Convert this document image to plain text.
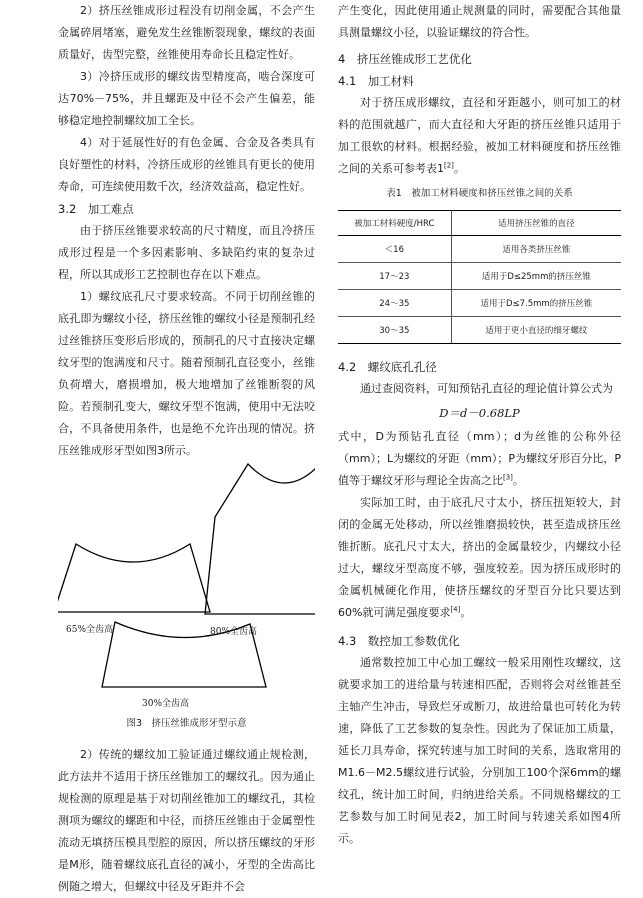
2）挤压丝锥成形过程没有切削金属，不会产生金属碎屑堵塞，避免发生丝锥断裂现象，螺纹的表面质量好，齿型完整，丝锥使用寿命长且稳定性好。

3）冷挤压成形的螺纹齿型精度高，啮合深度可达70%－75%，并且螺距及中径不会产生偏差，能够稳定地控制螺纹加工全长。

4）对于延展性好的有色金属、合金及各类具有良好塑性的材料，冷挤压成形的丝锥具有更长的使用寿命，可连续使用数千次，经济效益高，稳定性好。

3.2　加工难点

由于挤压丝锥要求较高的尺寸精度，而且冷挤压成形过程是一个多因素影响、多缺陷约束的复杂过程，所以其成形工艺控制也存在以下难点。

1）螺纹底孔尺寸要求较高。不同于切削丝锥的底孔即为螺纹小径，挤压丝锥的螺纹小径是预制孔经过丝锥挤压变形后形成的，预制孔的尺寸直接决定螺纹牙型的饱满度和尺寸。随着预制孔直径变小，丝锥负荷增大，磨损增加，极大地增加了丝锥断裂的风险。若预制孔变大，螺纹牙型不饱满，使用中无法咬合，不具备使用条件，也是绝不允许出现的情况。挤压丝锥成形牙型如图3所示。

65%全齿高	80%全齿高
30%全齿高
图3　挤压丝锥成形牙型示意

2）传统的螺纹加工验证通过螺纹通止规检测，此方法并不适用于挤压丝锥加工的螺纹孔。因为通止规检测的原理是基于对切削丝锥加工的螺纹孔，其检测项为螺纹的螺距和中径，而挤压丝锥由于金属塑性流动无填挤压模具型腔的原因，所以挤压螺纹的牙形是M形，随着螺纹底孔直径的减小，牙型的全齿高比例随之增大，但螺纹中径及牙距并不会

产生变化，因此使用通止规测量的同时，需要配合其他量具测量螺纹小径，以验证螺纹的符合性。

4　挤压丝锥成形工艺优化
4.1　加工材料

对于挤压成形螺纹，直径和牙距越小，则可加工的材料的范围就越广，而大直径和大牙距的挤压丝锥只适用于加工很软的材料。根据经验，被加工材料硬度和挤压丝锥之间的关系可参考表1[2]。

表1　被加工材料硬度和挤压丝锥之间的关系
被加工材料硬度/HRC	适用挤压丝锥的直径
＜16	适用各类挤压丝锥
17～23	适用于D≤25mm的挤压丝锥
24～35	适用于D≤7.5mm的挤压丝锥
30～35	适用于更小直径的细牙螺纹
4.2　螺纹底孔孔径

通过查阅资料，可知预钻孔直径的理论值计算公式为

D＝d－0.68LP

式中，D为预钻孔直径（mm）；d为丝锥的公称外径（mm）；L为螺纹的牙距（mm）；P为螺纹牙形百分比，P值等于螺纹牙形与理论全齿高之比[3]。

实际加工时，由于底孔尺寸太小，挤压扭矩较大，封闭的金属无处移动，所以丝锥磨损较快，甚至造成挤压丝锥折断。底孔尺寸太大，挤出的金属量较少，内螺纹小径过大，螺纹牙型高度不够，强度较差。因为挤压成形时的金属机械硬化作用，使挤压螺纹的牙型百分比只要达到60%就可满足强度要求[4]。

4.3　数控加工参数优化

通常数控加工中心加工螺纹一般采用刚性攻螺纹，这就要求加工的进给量与转速相匹配，否则将会对丝锥甚至主轴产生冲击，导致烂牙或断刀，故进给量也可转化为转速，降低了工艺参数的复杂性。因此为了保证加工质量，延长刀具寿命，探究转速与加工时间的关系，选取常用的M1.6－M2.5螺纹进行试验，分别加工100个深6mm的螺纹孔，统计加工时间，归纳进给关系。不同规格螺纹的工艺参数与加工时间见表2，加工时间与转速关系如图4所示。
